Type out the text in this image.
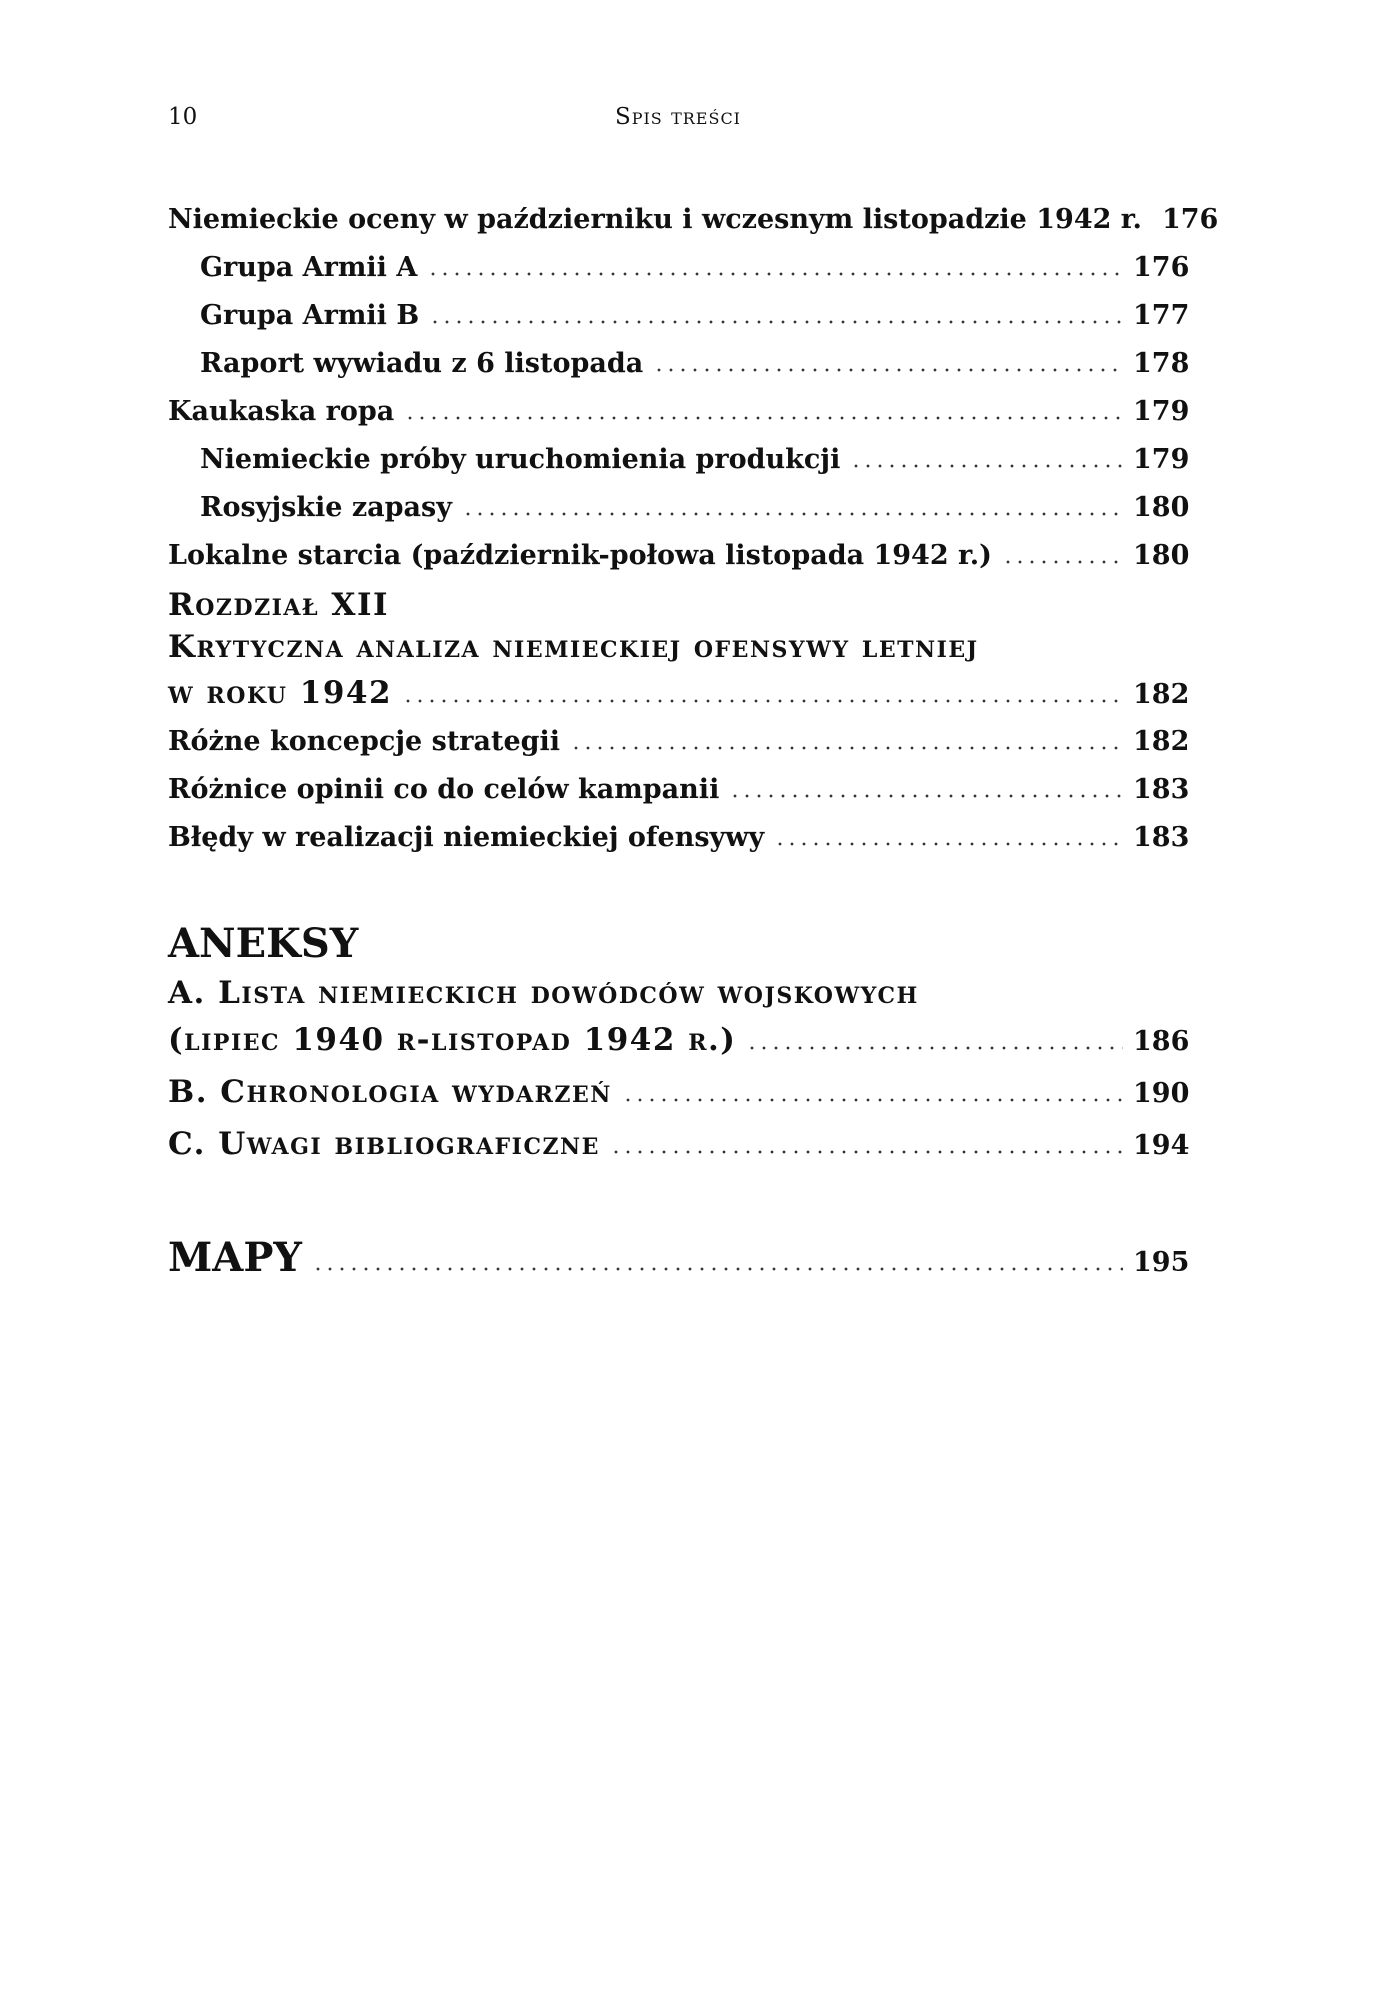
10	Spis treści
Niemieckie oceny w październiku i wczesnym listopadzie 1942 r. 176
Grupa Armii A	176
Grupa Armii B	177
Raport wywiadu z 6 listopada	178
Kaukaska ropa	179
Niemieckie próby uruchomienia produkcji	179
Rosyjskie zapasy	180
Lokalne starcia (październik-połowa listopada 1942 r.)	180
Rozdział XII
Krytyczna analiza niemieckiej ofensywy letniej
w roku 1942	182
Różne koncepcje strategii	182
Różnice opinii co do celów kampanii	183
Błędy w realizacji niemieckiej ofensywy	183
ANEKSY
A. Lista niemieckich dowódców wojskowych
(lipiec 1940 r-listopad 1942 r.)	186
B. Chronologia wydarzeń	190
C. Uwagi bibliograficzne	194
MAPY	195
